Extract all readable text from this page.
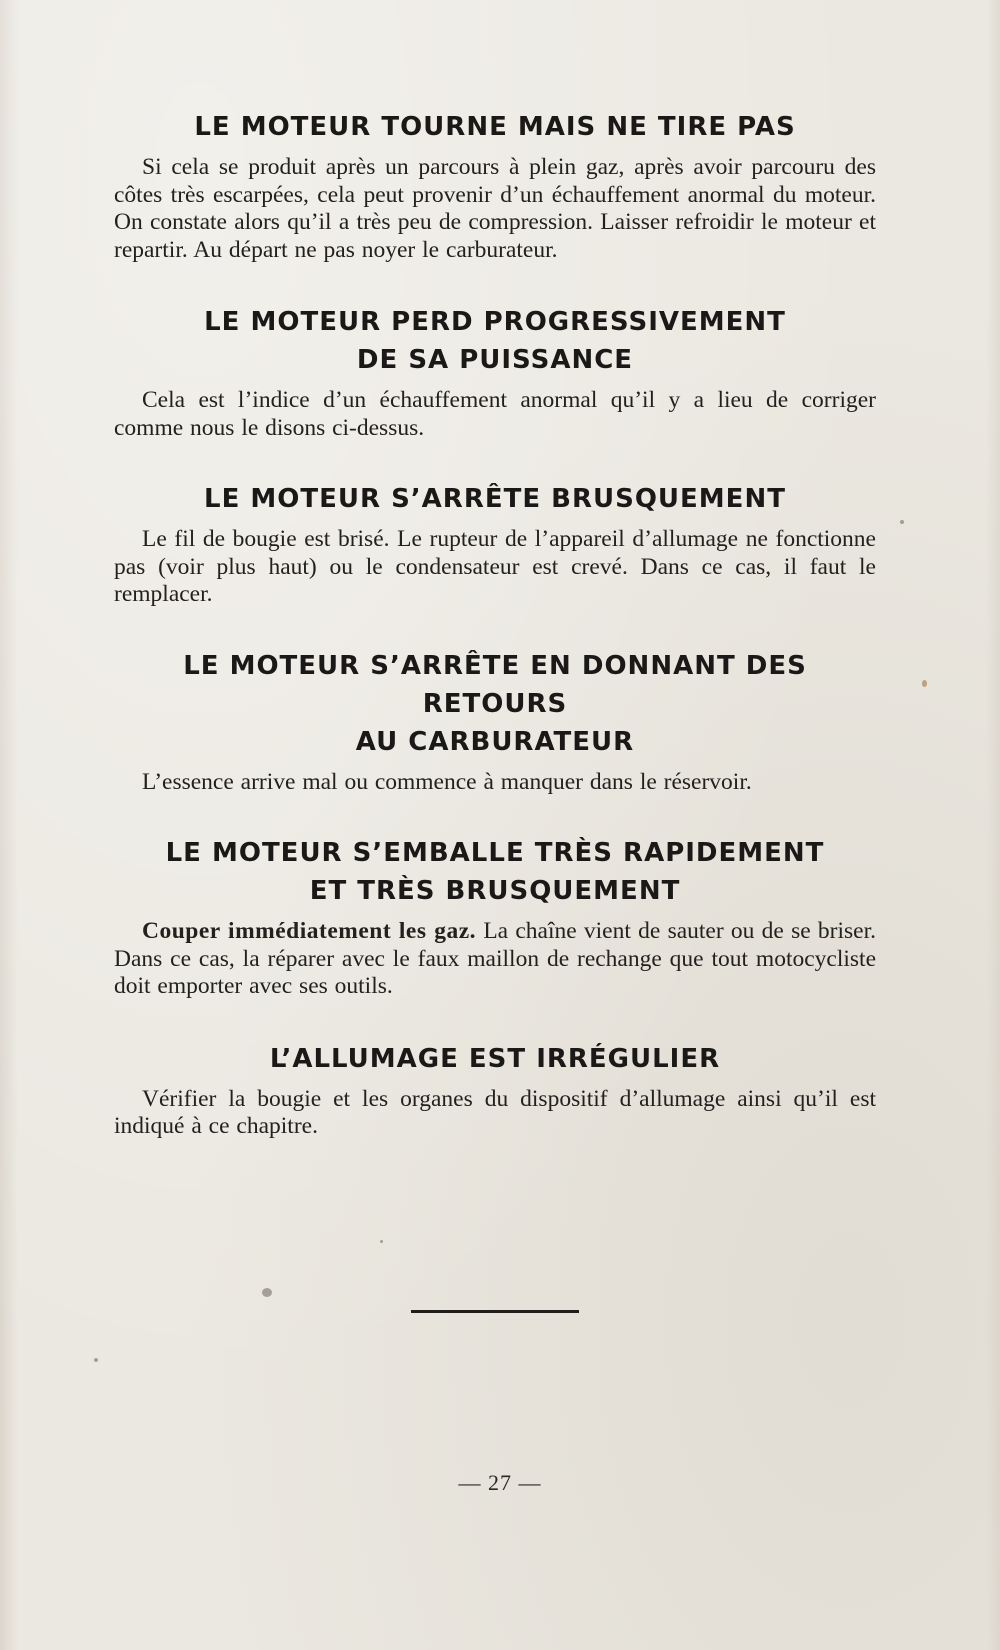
LE MOTEUR TOURNE MAIS NE TIRE PAS

Si cela se produit après un parcours à plein gaz, après avoir parcouru des côtes très escarpées, cela peut provenir d’un échauffement anormal du moteur. On constate alors qu’il a très peu de compression. Laisser refroidir le moteur et repartir. Au départ ne pas noyer le carburateur.

LE MOTEUR PERD PROGRESSIVEMENT
DE SA PUISSANCE

Cela est l’indice d’un échauffement anormal qu’il y a lieu de corriger comme nous le disons ci-dessus.

LE MOTEUR S’ARRÊTE BRUSQUEMENT

Le fil de bougie est brisé. Le rupteur de l’appareil d’allumage ne fonctionne pas (voir plus haut) ou le condensateur est crevé. Dans ce cas, il faut le remplacer.

LE MOTEUR S’ARRÊTE EN DONNANT DES RETOURS
AU CARBURATEUR

L’essence arrive mal ou commence à manquer dans le réservoir.

LE MOTEUR S’EMBALLE TRÈS RAPIDEMENT
ET TRÈS BRUSQUEMENT

Couper immédiatement les gaz. La chaîne vient de sauter ou de se briser. Dans ce cas, la réparer avec le faux maillon de rechange que tout motocycliste doit emporter avec ses outils.

L’ALLUMAGE EST IRRÉGULIER

Vérifier la bougie et les organes du dispositif d’allumage ainsi qu’il est indiqué à ce chapitre.

— 27 —
